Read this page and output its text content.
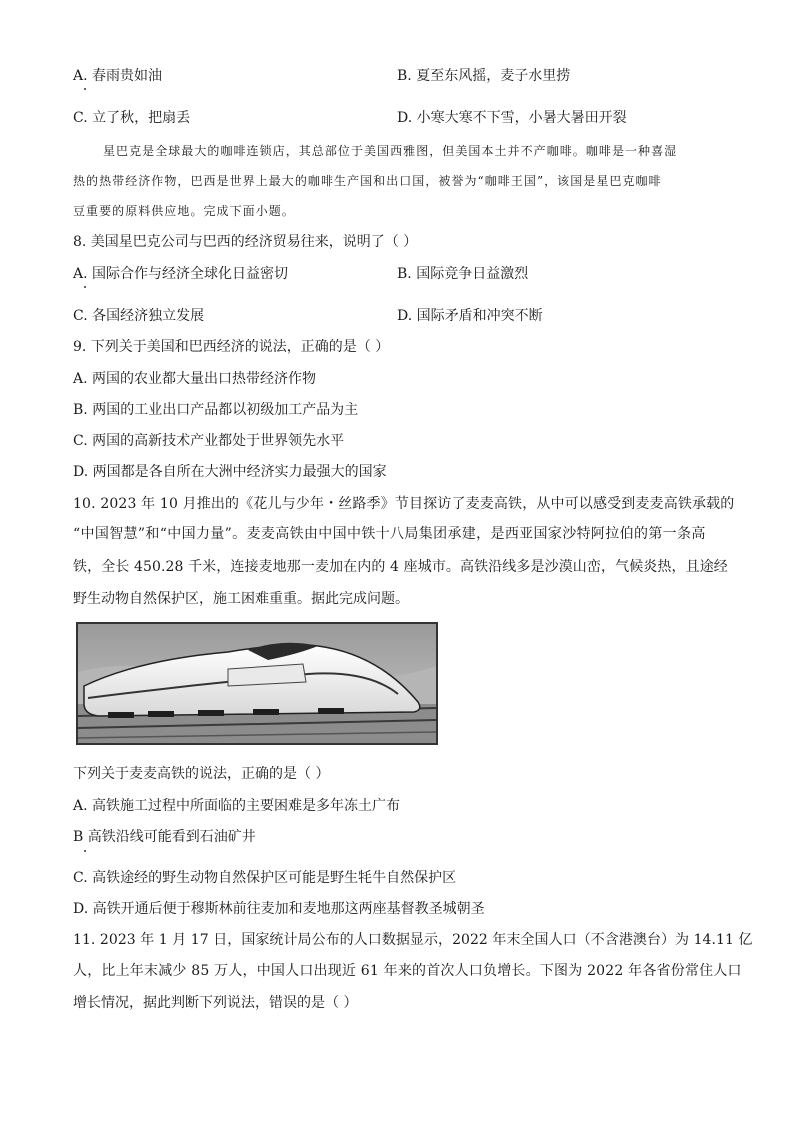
A. 春雨贵如油	B. 夏至东风摇，麦子水里捞
C. 立了秋，把扇丢	D. 小寒大寒不下雪，小暑大暑田开裂
星巴克是全球最大的咖啡连锁店，其总部位于美国西雅图，但美国本土并不产咖啡。咖啡是一种喜湿
热的热带经济作物，巴西是世界上最大的咖啡生产国和出口国，被誉为“咖啡王国”，该国是星巴克咖啡
豆重要的原料供应地。完成下面小题。
8. 美国星巴克公司与巴西的经济贸易往来，说明了（ ）
A. 国际合作与经济全球化日益密切	B. 国际竞争日益激烈
C. 各国经济独立发展	D. 国际矛盾和冲突不断
9. 下列关于美国和巴西经济的说法，正确的是（ ）
A. 两国的农业都大量出口热带经济作物
B. 两国的工业出口产品都以初级加工产品为主
C. 两国的高新技术产业都处于世界领先水平
D. 两国都是各自所在大洲中经济实力最强大的国家
10. 2023 年 10 月推出的《花儿与少年・丝路季》节目探访了麦麦高铁，从中可以感受到麦麦高铁承载的
“中国智慧”和“中国力量”。麦麦高铁由中国中铁十八局集团承建，是西亚国家沙特阿拉伯的第一条高
铁，全长 450.28 千米，连接麦地那一麦加在内的 4 座城市。高铁沿线多是沙漠山峦，气候炎热，且途经
野生动物自然保护区，施工困难重重。据此完成问题。
下列关于麦麦高铁的说法，正确的是（ ）
A. 高铁施工过程中所面临的主要困难是多年冻土广布
B 高铁沿线可能看到石油矿井
C. 高铁途经的野生动物自然保护区可能是野生牦牛自然保护区
D. 高铁开通后便于穆斯林前往麦加和麦地那这两座基督教圣城朝圣
11. 2023 年 1 月 17 日，国家统计局公布的人口数据显示，2022 年末全国人口（不含港澳台）为 14.11 亿
人，比上年末减少 85 万人，中国人口出现近 61 年来的首次人口负增长。下图为 2022 年各省份常住人口
增长情况，据此判断下列说法，错误的是（ ）
